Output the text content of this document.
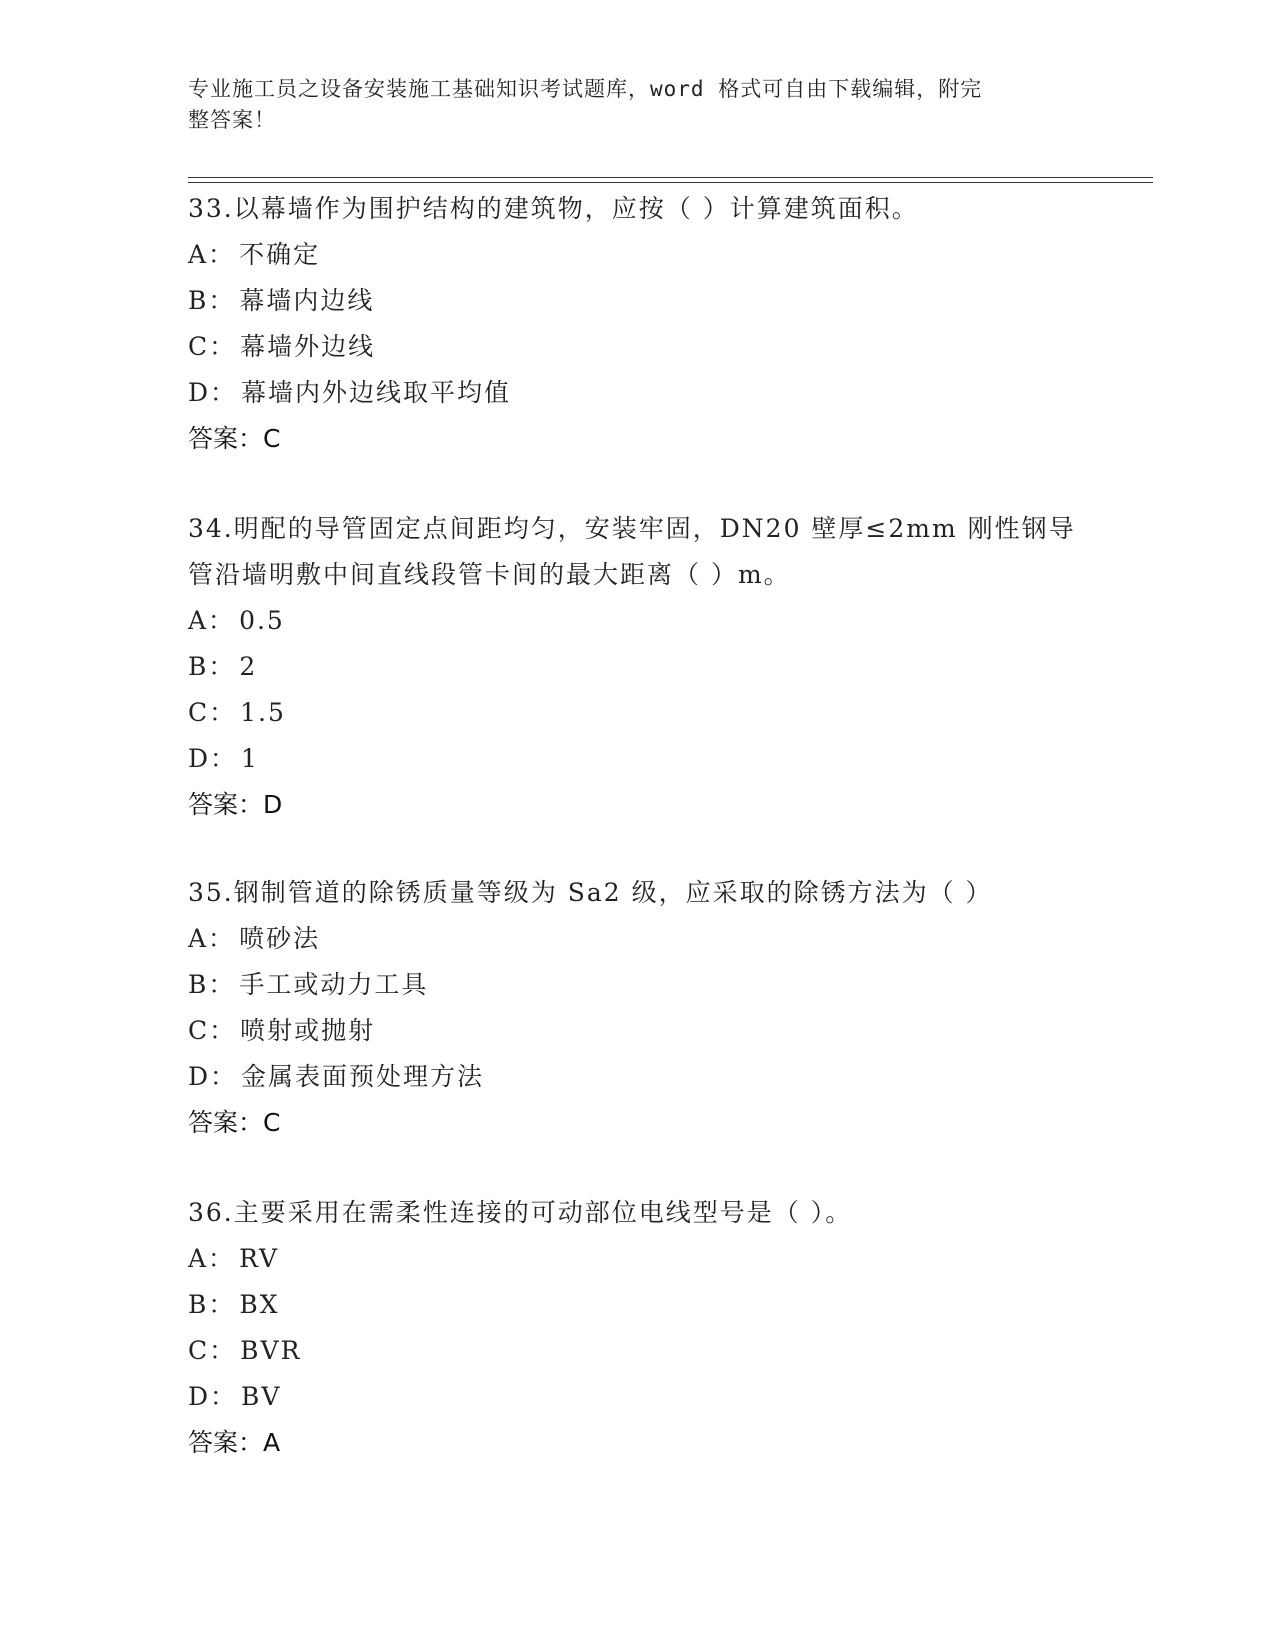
专业施工员之设备安装施工基础知识考试题库，word 格式可自由下载编辑，附完
整答案！

33.以幕墙作为围护结构的建筑物，应按（ ）计算建筑面积。

A： 不确定

B： 幕墙内边线

C： 幕墙外边线

D： 幕墙内外边线取平均值

答案：C

34.明配的导管固定点间距均匀，安装牢固，DN20 壁厚≤2mm 刚性钢导

管沿墙明敷中间直线段管卡间的最大距离（ ）m。

A： 0.5

B： 2

C： 1.5

D： 1

答案：D

35.钢制管道的除锈质量等级为 Sa2 级，应采取的除锈方法为（ ）

A： 喷砂法

B： 手工或动力工具

C： 喷射或抛射

D： 金属表面预处理方法

答案：C

36.主要采用在需柔性连接的可动部位电线型号是（ ）。

A： RV

B： BX

C： BVR

D： BV

答案：A
